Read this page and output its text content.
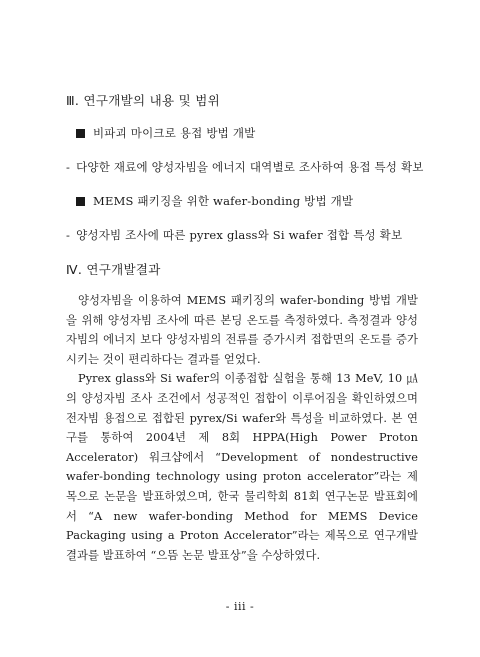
Ⅲ. 연구개발의 내용 및 범위
비파괴 마이크로 용접 방법 개발
- 다양한 재료에 양성자빔을 에너지 대역별로 조사하여 용접 특성 확보
MEMS 패키징을 위한 wafer-bonding 방법 개발
- 양성자빔 조사에 따른 pyrex glass와 Si wafer 접합 특성 확보
Ⅳ. 연구개발결과

양성자빔을 이용하여 MEMS 패키징의 wafer-bonding 방법 개발을 위해 양성자빔 조사에 따른 본딩 온도를 측정하였다. 측정결과 양성자빔의 에너지 보다 양성자빔의 전류를 증가시켜 접합면의 온도를 증가시키는 것이 편리하다는 결과를 얻었다.

Pyrex glass와 Si wafer의 이종접합 실험을 통해 13 MeV, 10 ㎂의 양성자빔 조사 조건에서 성공적인 접합이 이루어짐을 확인하였으며 전자빔 용접으로 접합된 pyrex/Si wafer와 특성을 비교하였다. 본 연구를 통하여 2004년 제 8회 HPPA(High Power Proton Accelerator) 워크샵에서 “Development of nondestructive wafer-bonding technology using proton accelerator”라는 제목으로 논문을 발표하였으며, 한국 물리학회 81회 연구논문 발표회에서 “A new wafer-bonding Method for MEMS Device Packaging using a Proton Accelerator”라는 제목으로 연구개발 결과를 발표하여 “으뜸 논문 발표상”을 수상하였다.

- iii -
